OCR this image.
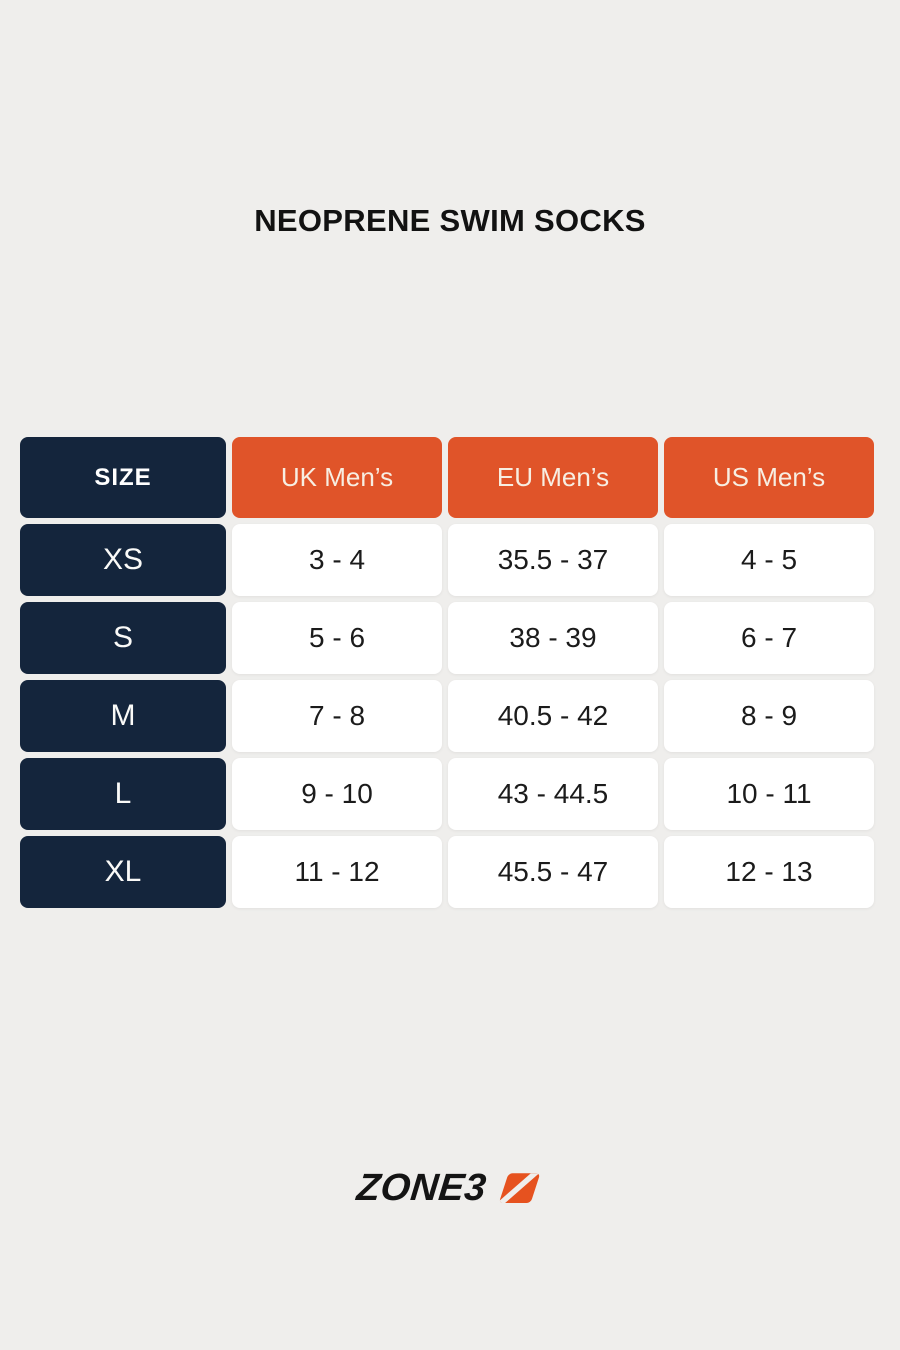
NEOPRENE SWIM SOCKS
SIZE	UK Men’s	EU Men’s	US Men’s
XS	3 - 4	35.5 - 37	4 - 5
S	5 - 6	38 - 39	6 - 7
M	7 - 8	40.5 - 42	8 - 9
L	9 - 10	43 - 44.5	10 - 11
XL	11 - 12	45.5 - 47	12 - 13
ZONE3
